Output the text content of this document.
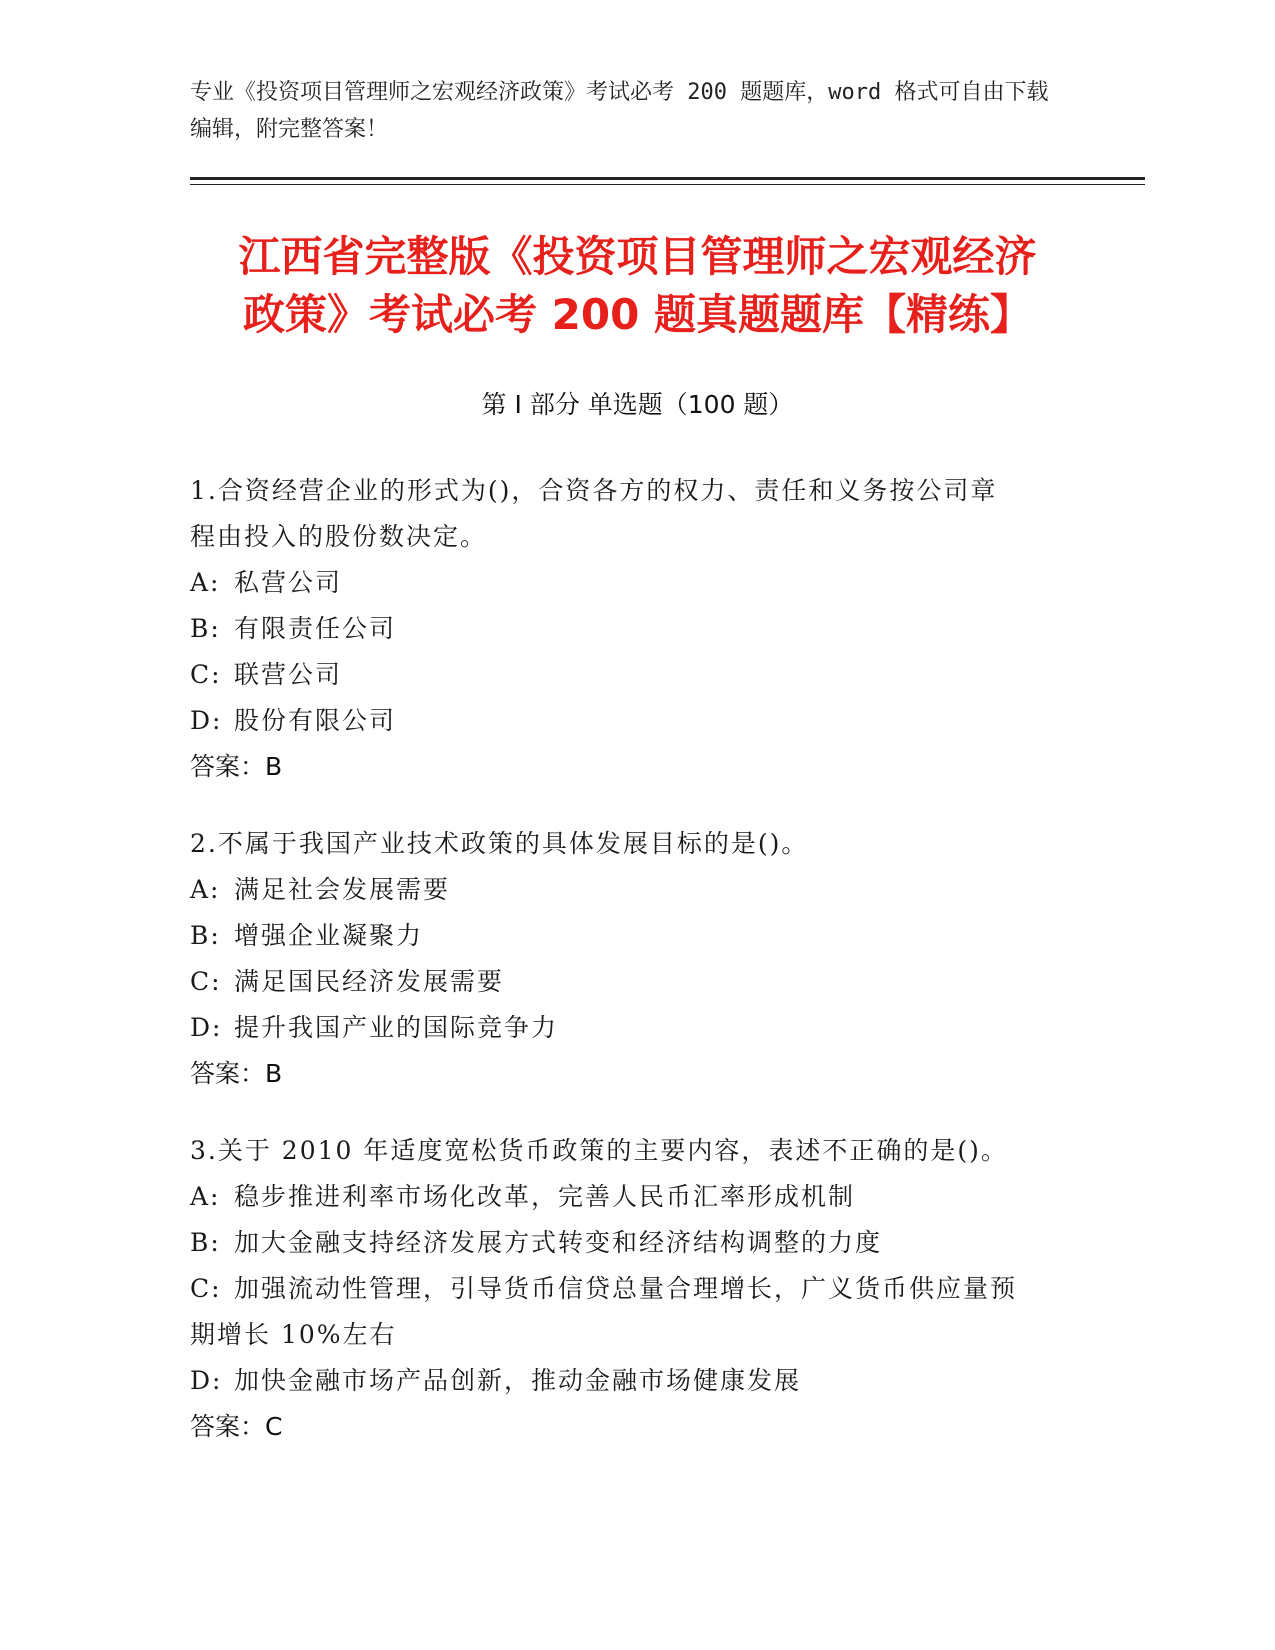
专业《投资项目管理师之宏观经济政策》考试必考 200 题题库，word 格式可自由下载编辑，附完整答案！
江西省完整版《投资项目管理师之宏观经济
政策》考试必考 200 题真题题库【精练】
第 I 部分 单选题（100 题）
1.合资经营企业的形式为()，合资各方的权力、责任和义务按公司章
程由投入的股份数决定。
A: 私营公司
B: 有限责任公司
C: 联营公司
D: 股份有限公司
答案：B
2.不属于我国产业技术政策的具体发展目标的是()。
A: 满足社会发展需要
B: 增强企业凝聚力
C: 满足国民经济发展需要
D: 提升我国产业的国际竞争力
答案：B
3.关于 2010 年适度宽松货币政策的主要内容，表述不正确的是()。
A: 稳步推进利率市场化改革，完善人民币汇率形成机制
B: 加大金融支持经济发展方式转变和经济结构调整的力度
C: 加强流动性管理，引导货币信贷总量合理增长，广义货币供应量预
期增长 10%左右
D: 加快金融市场产品创新，推动金融市场健康发展
答案：C
